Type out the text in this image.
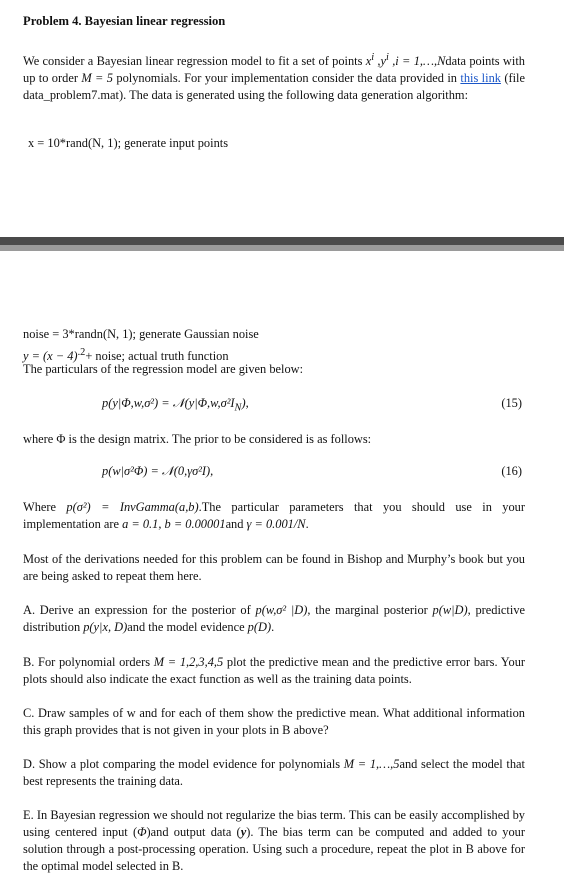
Problem 4. Bayesian linear regression
We consider a Bayesian linear regression model to fit a set of points $x^i$ $,y^i$ ,i = 1,…,Ndata points with up to order M = 5 polynomials. For your implementation consider the data provided in this link (file data_problem7.mat). The data is generated using the following data generation algorithm:
x = 10*rand(N, 1); generate input points
noise = 3*randn(N, 1); generate Gaussian noise
$y = (x - 4)^{.2}+$ noise; actual truth function
The particulars of the regression model are given below:
$p(y|\Phi,w,\sigma^2) = 𝒩(y|\Phi,w,\sigma^2I_N)$,	(15)
where Φ is the design matrix. The prior to be considered is as follows:
p(w|σ²Φ) = 𝒩(0,γσ²I),	(16)
Where p(σ²) = InvGamma(a,b).The particular parameters that you should use in your implementation are a = 0.1, b = 0.00001and γ = 0.001/N.
Most of the derivations needed for this problem can be found in Bishop and Murphy’s book but you are being asked to repeat them here.
A. Derive an expression for the posterior of p(w,σ² |D), the marginal posterior p(w|D), predictive distribution p(y|x, D)and the model evidence p(D).
B. For polynomial orders M = 1,2,3,4,5 plot the predictive mean and the predictive error bars. Your plots should also indicate the exact function as well as the training data points.
C. Draw samples of w and for each of them show the predictive mean. What additional information this graph provides that is not given in your plots in B above?
D. Show a plot comparing the model evidence for polynomials M = 1,…,5and select the model that best represents the training data.
E. In Bayesian regression we should not regularize the bias term. This can be easily accomplished by using centered input (Φ)and output data (y). The bias term can be computed and added to your solution through a post-processing operation. Using such a procedure, repeat the plot in B above for the optimal model selected in B.
